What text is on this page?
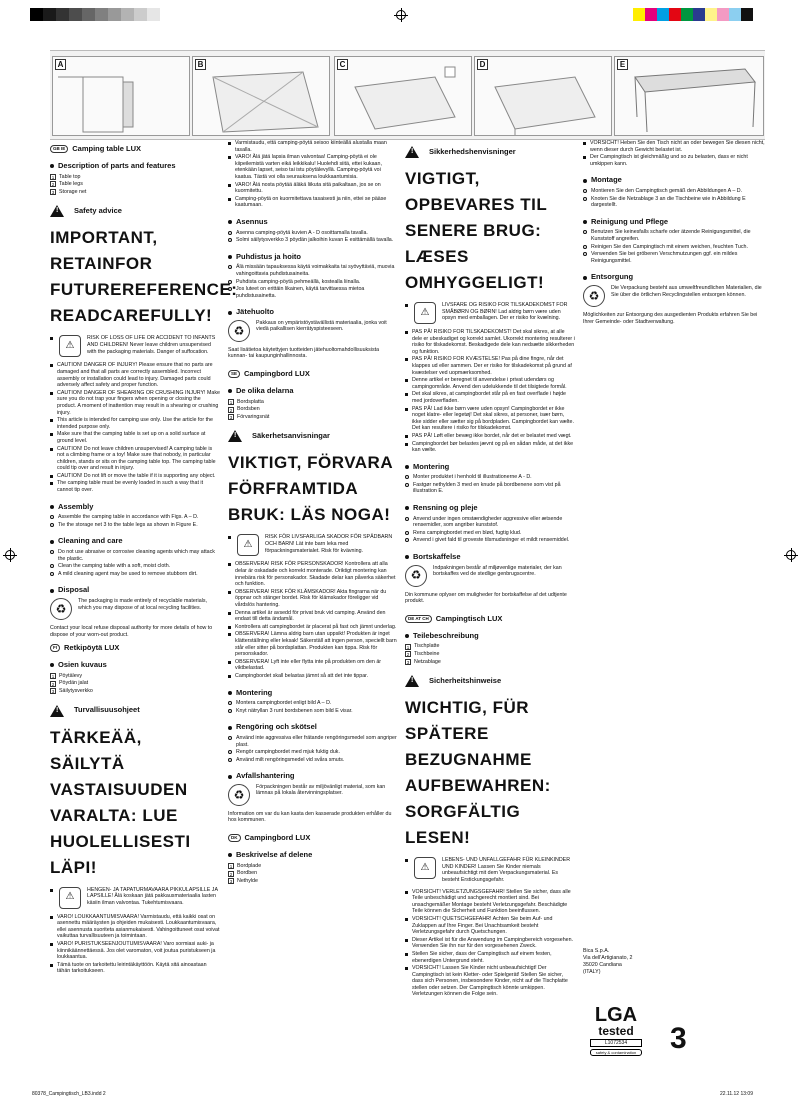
A	B	C	D	E
GB IE Camping table LUX
Description of parts and features
1 Table top
2 Table legs
3 Storage net
!
Safety advice
IMPORTANT, RETAINFOR FUTUREREFERENCE: READCAREFULLY!
⚠

RISK OF LOSS OF LIFE OR ACCIDENT TO INFANTS AND CHILDREN! Never leave children unsupervised with the packaging materials. Danger of suffocation.

CAUTION! DANGER OF INJURY! Please ensure that no parts are damaged and that all parts are correctly assembled. Incorrect assembly or installation could lead to injury. Damaged parts could adversely affect safety and proper function.

CAUTION! DANGER OF SHEARING OR CRUSHING INJURY! Make sure you do not trap your fingers when opening or closing the product. A moment of inattention may result in a shearing or crushing injury.

This article is intended for camping use only. Use the article for the intended purpose only.

Make sure that the camping table is set up on a solid surface at ground level.

CAUTION! Do not leave children unsupervised! A camping table is not a climbing frame or a toy! Make sure that nobody, in particular children, stands or sits on the camping table top. The camping table could tip over and result in injury.

CAUTION! Do not lift or move the table if it is supporting any object.

The camping table must be evenly loaded in such a way that it cannot tip over.

Assembly

Assemble the camping table in accordance with Figs. A – D.

Tie the storage net 3 to the table legs as shown in Figure E.

Cleaning and care

Do not use abrasive or corrosive cleaning agents which may attack the plastic.

Clean the camping table with a soft, moist cloth.

A mild cleaning agent may be used to remove stubborn dirt.

Disposal
♻

The packaging is made entirely of recyclable materials, which you may dispose of at local recycling facilities.

Contact your local refuse disposal authority for more details of how to dispose of your worn-out product.

FI Retkipöytä LUX
Osien kuvaus
1 Pöytälevy
2 Pöydän jalat
3 Säilytysverkko
!
Turvallisuusohjeet
TÄRKEÄÄ, SÄILYTÄ VASTAISUUDEN VARALTA: LUE HUOLELLISESTI LÄPI!
⚠

HENGEN- JA TAPATURMAVAARA PIKKULAPSILLE JA LAPSILLE! Älä koskaan jätä pakkausmateriaalia lasten käsiin ilman valvontaa. Tukehtumisvaara.

VARO! LOUKKAANTUMISVAARA! Varmistaudu, että kaikki osat on asennettu määräysten ja ohjeiden mukaisesti. Loukkaantumisvaara, ellei asennusta suoriteta asianmukaisesti. Vahingoittuneet osat voivat vaikuttaa turvallisuuteen ja toimintaan.

VARO! PURISTUKSEENJOUTUMISVAARA! Varo sormiasi auki- ja kiinnikäännettäessä. Jos olet varomaton, voit joutua puristukseen ja loukkaantua.

Tämä tuote on tarkoitettu leirintäkäyttöön. Käytä sitä ainoastaan tähän tarkoitukseen.

Varmistaudu, että camping-pöytä seisoo kiinteällä alustalla maan tasalla.

VARO! Älä jätä lapsia ilman valvontaa! Camping-pöytä ei ole kiipeilemistä varten eikä leikkikalu! Huolehdi siitä, ettei kukaan, etenkään lapset, seiso tai istu pöytälevyllä. Camping-pöytä voi kaatua. Tästä voi olla seurauksena loukkaantumisia.

VARO! Älä nosta pöytää äläkä liikuta sitä paikaltaan, jos se on kuormitettu.

Camping-pöytä on kuormitettava tasaisesti ja niin, ettei se pääse kaatumaan.

Asennus

Asenna camping-pöytä kuvien A - D osoittamalla tavalla.

Solmi säilytysverkko 3 pöydän jalkoihin kuvan E esittämällä tavalla.

Puhdistus ja hoito

Älä missään tapauksessa käytä voimakkaita tai syövyttäviä, muovia vahingoittavia puhdistusaineita.

Puhdista camping-pöytä pehmeällä, kostealla liinalla.

Jos luteet on erittäin likainen, käytä tarvittaessa mietoa puhdistusainetta.

Jätehuolto
♻

Pakkaus on ympäristöystävällistä materiaalia, jonka voit viedä paikallisen kierrätyspisteeseen.

Saat lisätietoa käytettyjen tuotteiden jätehuoltomahdollisuuksista kunnan- tai kaupunginhallinnosta.

SE Campingbord LUX
De olika delarna
1 Bordsplatta
2 Bordsben
3 Förvaringsnät
!
Säkerhetsanvisningar
VIKTIGT, FÖRVARA FÖRFRAMTIDA BRUK: LÄS NOGA!
⚠

RISK FÖR LIVSFARLIGA SKADOR FÖR SPÄDBARN OCH BARN! Lät inte barn leka med förpackningsmaterialet. Risk för kvävning.

OBSERVERA! RISK FÖR PERSONSKADOR! Kontrollera att alla delar är oskadade och korrekt monterade. Oriktigt montering kan innebära risk för personskador. Skadade delar kan påverka säkerhet och funktion.

OBSERVERA! RISK FÖR KLÄMSKADOR! Akta fingrarna när du öppnar och stänger bordet. Risk för klämskador föreligger vid vårdslös hantering.

Denna artikel är avsedd för privat bruk vid camping. Använd den endast till detta ändamål.

Kontrollera att campingbordet är placerat på fast och jämnt underlag.

OBSERVERA! Lämna aldrig barn utan uppsikt! Produkten är inget klätterställning eller leksak! Säkerställ att ingen person, speciellt barn står eller sitter på bordsplattan. Produkten kan tippa. Risk för personskador.

OBSERVERA! Lyft inte eller flytta inte på produkten om den är viktbelastad.

Campingbordet skall belastas jämnt så att det inte tippar.

Montering

Montera campingbordet enligt bild A – D.

Knyt nätryllan 3 runt bordsbenen som bild E visar.

Rengöring och skötsel

Använd inte aggressiva eller frätande rengöringsmedel som angriper plast.

Rengör campingbordet med mjuk fuktig duk.

Använd milt rengöringsmedel vid svåra smuts.

Avfallshantering
♻

Förpackningen består av miljövänligt material, som kan lämnas på lokala återvinningsplatser.

Information om var du kan kasta den kasserade produkten erhåller du hos kommunen.

DK Campingbord LUX
Beskrivelse af delene
1 Bordplade
2 Bordben
3 Nethylde
!
Sikkerhedshenvisninger
VIGTIGT, OPBEVARES TIL SENERE BRUG: LÆSES OMHYGGELIGT!
⚠

LIVSFARE OG RISIKO FOR TILSKADEKOMST FOR SMÅBØRN OG BØRN! Lad aldrig børn være uden opsyn med emballagen. Der er risiko for kvælning.

PAS PÅ! RISIKO FOR TILSKADEKOMST! Det skal sikres, at alle dele er ubeskadiget og korrekt samlet. Ukorrekt montering resulterer i risiko for tilskadekomst. Beskadigede dele kan nedsætte sikkerheden og funktion.

PAS PÅ! RISIKO FOR KVÆSTELSE! Pas på dine fingre, når det klappes ud eller sammen. Der er risiko for tilskadekomst på grund af kvæstelser ved uopmærksomhed.

Denne artikel er beregnet til anvendelse i privat udendørs og campingområde. Anvend den udelukkende til det tilsigtede formål.

Det skal sikres, at campingbordet står på en fast overflade i højde med jordoverfladen.

PAS PÅ! Lad ikke børn være uden opsyn! Campingbordet er ikke noget klatre- eller legetøj! Det skal sikres, at personer, især børn, ikke sidder eller sætter sig på bordpladen. Campingbordet kan vælte. Det kan resultere i risiko for tilskadekomst.

PAS PÅ! Løft eller bevæg ikke bordet, når det er belastet med vægt.

Campingbordet bør belastes jævnt og på en sådan måde, at det ikke kan vælte.

Montering

Monter produktet i henhold til illustrationerne A - D.

Fastgør nethylden 3 med en knude på bordbenene som vist på illustration E.

Rensning og pleje

Anvend under ingen omstændigheder aggressive eller ætsende rensemidler, som angriber kunststof.

Rens campingbordet med en blød, fugtig klud.

Anvend i givet fald til groveste tilsmudsninger et mildt rensemiddel.

Bortskaffelse
♻

Indpakningen består af miljøvenlige materialer, der kan bortskaffes ved de stedlige genbrugscentre.

Din kommune oplyser om muligheder for bortskaffelse af det udtjente produkt.

DE AT CH Campingtisch LUX
Teilebeschreibung
1 Tischplatte
2 Tischbeine
3 Netzablage
!
Sicherheitshinweise
WICHTIG, FÜR SPÄTERE BEZUGNAHME AUFBEWAHREN: SORGFÄLTIG LESEN!
⚠

LEBENS- UND UNFALLGEFAHR FÜR KLEINKINDER UND KINDER! Lassen Sie Kinder niemals unbeaufsichtigt mit dem Verpackungsmaterial. Es besteht Erstickungsgefahr.

VORSICHT! VERLETZUNGSGEFAHR! Stellen Sie sicher, dass alle Teile unbeschädigt und sachgerecht montiert sind. Bei unsachgemäßer Montage besteht Verletzungsgefahr. Beschädigte Teile können die Sicherheit und Funktion beeinflussen.

VORSICHT! QUETSCHGEFAHR! Achten Sie beim Auf- und Zuklappen auf Ihre Finger. Bei Unachtsamkeit besteht Verletzungsgefahr durch Quetschungen.

Dieser Artikel ist für die Anwendung im Campingbereich vorgesehen. Verwenden Sie ihn nur für den vorgesehenen Zweck.

Stellen Sie sicher, dass der Campingtisch auf einem festen, ebenerdigen Untergrund steht.

VORSICHT! Lassen Sie Kinder nicht unbeaufsichtigt! Der Campingtisch ist kein Kletter- oder Spielgerät! Stellen Sie sicher, dass sich Personen, insbesondere Kinder, nicht auf die Tischplatte stellen oder setzen. Der Campingtisch könnte umkippen. Verletzungen können die Folge sein.

VORSICHT! Heben Sie den Tisch nicht an oder bewegen Sie diesen nicht, wenn dieser durch Gewicht belastet ist.

Der Campingtisch ist gleichmäßig und so zu belasten, dass er nicht umkippen kann.

Montage

Montieren Sie den Campingtisch gemäß den Abbildungen A – D.

Knoten Sie die Netzablage 3 an die Tischbeine wie in Abbildung E dargestellt.

Reinigung und Pflege

Benutzen Sie keinesfalls scharfe oder ätzende Reinigungsmittel, die Kunststoff angreifen.

Reinigen Sie den Campingtisch mit einem weichen, feuchten Tuch.

Verwenden Sie bei gröberen Verschmutzungen ggf. ein mildes Reinigungsmittel.

Entsorgung
♻

Die Verpackung besteht aus umweltfreundlichen Materialien, die Sie über die örtlichen Recyclingstellen entsorgen können.

Möglichkeiten zur Entsorgung des ausgedienten Produkts erfahren Sie bei Ihrer Gemeinde- oder Stadtverwaltung.

Bica S.p.A.
Via dell'Artigianato, 2
35020 Candiana
(ITALY)
LGA
tested
L1072534
safety & contamination 3
80378_Campingtisch_LB3.indd 2	22.11.12 13:09
